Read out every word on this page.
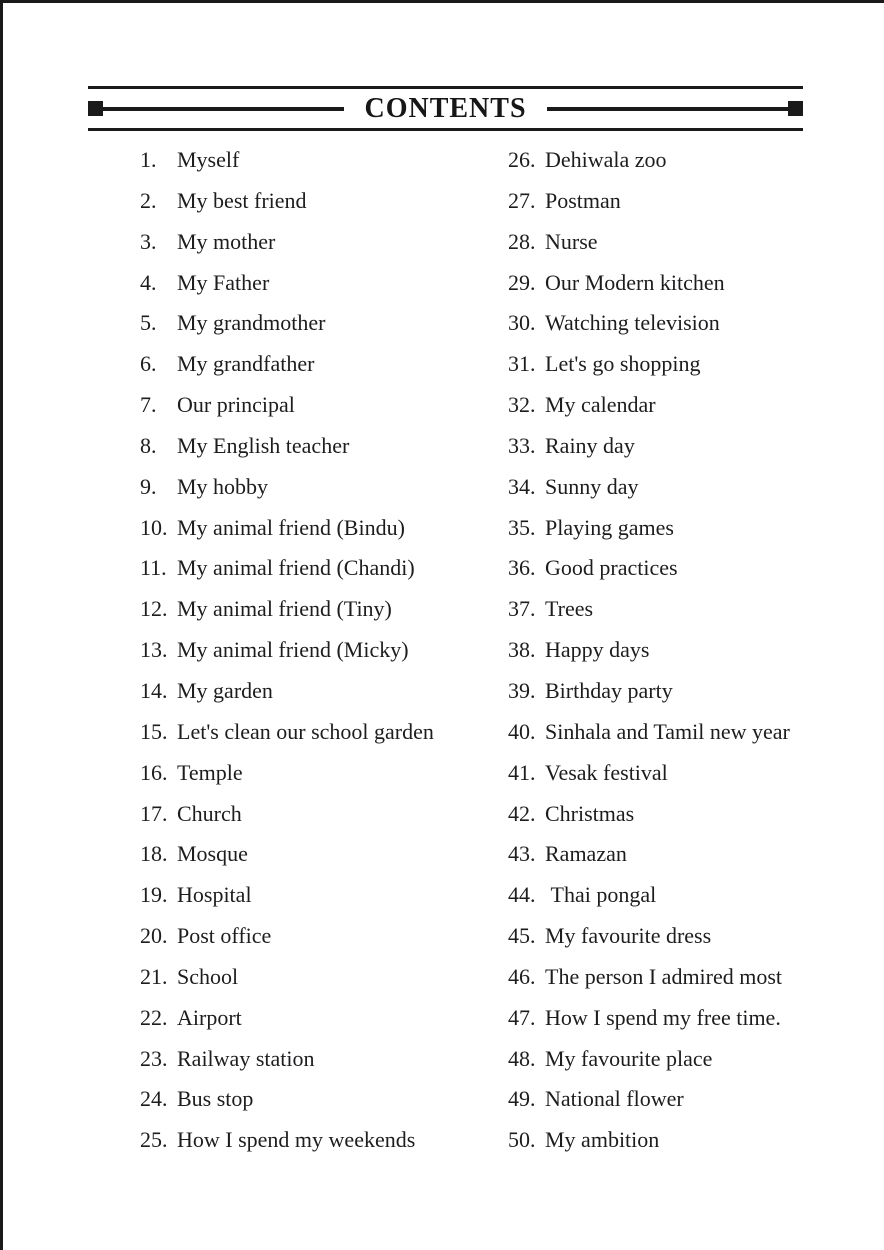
CONTENTS
1. Myself
2. My best friend
3. My mother
4. My Father
5. My grandmother
6. My grandfather
7. Our principal
8. My English teacher
9. My hobby
10. My animal friend (Bindu)
11. My animal friend (Chandi)
12. My animal friend (Tiny)
13. My animal friend (Micky)
14. My garden
15. Let's clean our school garden
16. Temple
17. Church
18. Mosque
19. Hospital
20. Post office
21. School
22. Airport
23. Railway station
24. Bus stop
25. How I spend my weekends
26. Dehiwala zoo
27. Postman
28. Nurse
29. Our Modern kitchen
30. Watching television
31. Let's go shopping
32. My calendar
33. Rainy day
34. Sunny day
35. Playing games
36. Good practices
37. Trees
38. Happy days
39. Birthday party
40. Sinhala and Tamil new year
41. Vesak festival
42. Christmas
43. Ramazan
44. Thai pongal
45. My favourite dress
46. The person I admired most
47. How I spend my free time.
48. My favourite place
49. National flower
50. My ambition
